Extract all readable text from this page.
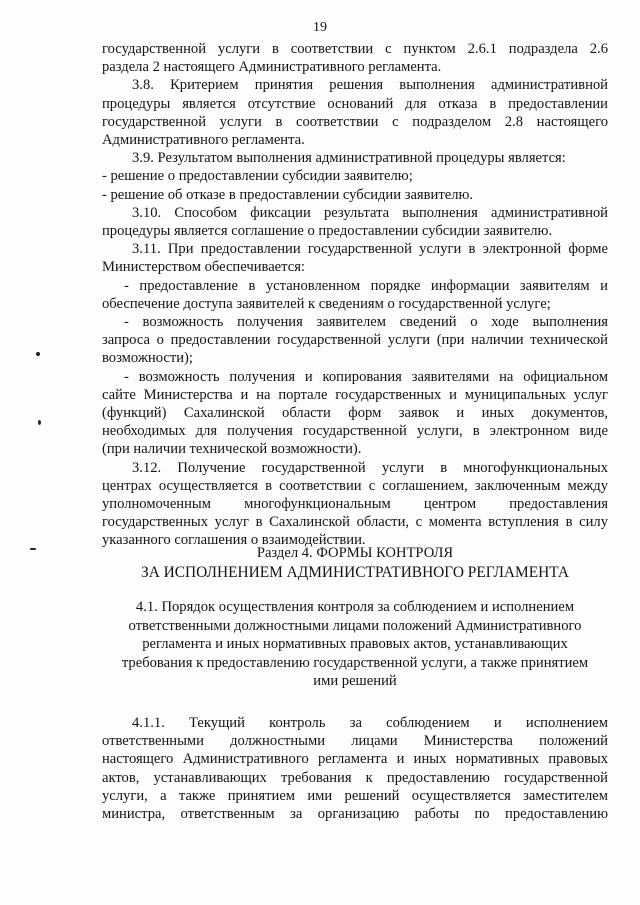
19

государственной услуги в соответствии с пунктом 2.6.1 подраздела 2.6
раздела 2 настоящего Административного регламента.

3.8. Критерием принятия решения выполнения административной
процедуры является отсутствие оснований для отказа в предоставлении
государственной услуги в соответствии с подразделом 2.8 настоящего
Административного регламента.

3.9. Результатом выполнения административной процедуры является:
- решение о предоставлении субсидии заявителю;
- решение об отказе в предоставлении субсидии заявителю.

3.10. Способом фиксации результата выполнения административной
процедуры является соглашение о предоставлении субсидии заявителю.

3.11. При предоставлении государственной услуги в электронной форме
Министерством обеспечивается:

- предоставление в установленном порядке информации заявителям и
обеспечение доступа заявителей к сведениям о государственной услуге;

- возможность получения заявителем сведений о ходе выполнения
запроса о предоставлении государственной услуги (при наличии технической
возможности);

- возможность получения и копирования заявителями на официальном
сайте Министерства и на портале государственных и муниципальных услуг
(функций) Сахалинской области форм заявок и иных документов,
необходимых для получения государственной услуги, в электронном виде
(при наличии технической возможности).

3.12. Получение государственной услуги в многофункциональных
центрах осуществляется в соответствии с соглашением, заключенным между
уполномоченным многофункциональным центром предоставления
государственных услуг в Сахалинской области, с момента вступления в силу
указанного соглашения о взаимодействии.

Раздел 4. ФОРМЫ КОНТРОЛЯ
ЗА ИСПОЛНЕНИЕМ АДМИНИСТРАТИВНОГО РЕГЛАМЕНТА
4.1. Порядок осуществления контроля за соблюдением и исполнением
ответственными должностными лицами положений Административного
регламента и иных нормативных правовых актов, устанавливающих
требования к предоставлению государственной услуги, а также принятием
ими решений
4.1.1. Текущий контроль за соблюдением и исполнением
ответственными должностными лицами Министерства положений
настоящего Административного регламента и иных нормативных правовых
актов, устанавливающих требования к предоставлению государственной
услуги, а также принятием ими решений осуществляется заместителем
министра, ответственным за организацию работы по предоставлению
